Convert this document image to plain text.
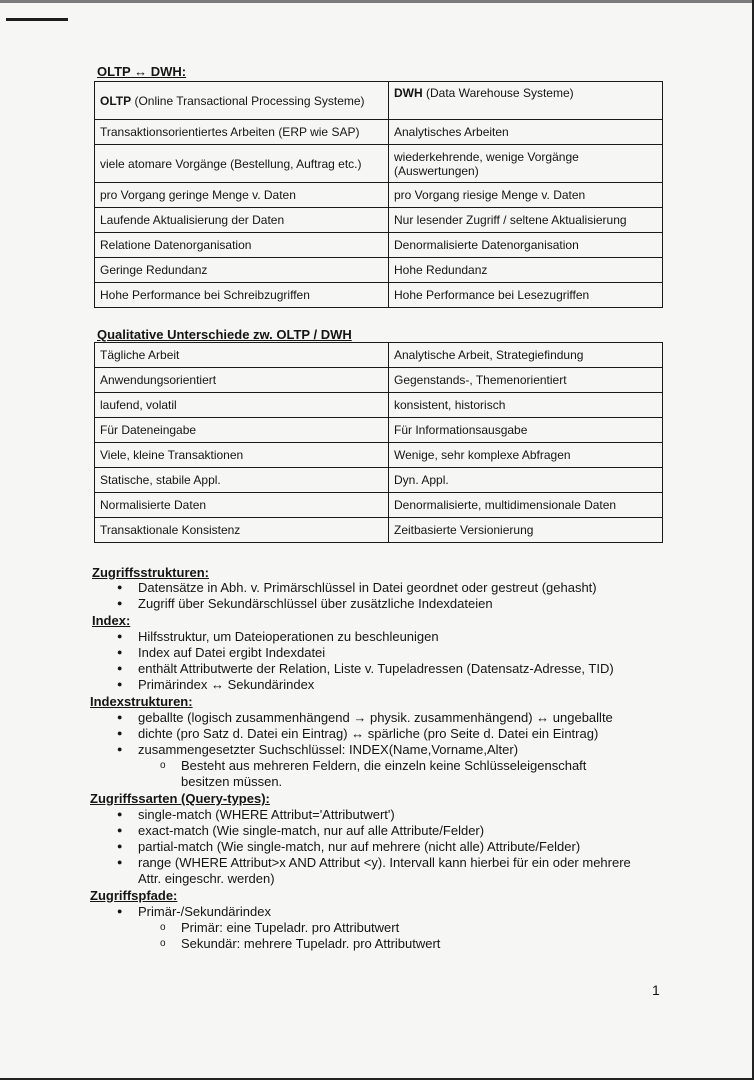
OLTP ↔ DWH:
OLTP (Online Transactional Processing Systeme)	DWH (Data Warehouse Systeme)
Transaktionsorientiertes Arbeiten (ERP wie SAP)	Analytisches Arbeiten
viele atomare Vorgänge (Bestellung, Auftrag etc.)	wiederkehrende, wenige Vorgänge (Auswertungen)
pro Vorgang geringe Menge v. Daten	pro Vorgang riesige Menge v. Daten
Laufende Aktualisierung der Daten	Nur lesender Zugriff / seltene Aktualisierung
Relatione Datenorganisation	Denormalisierte Datenorganisation
Geringe Redundanz	Hohe Redundanz
Hohe Performance bei Schreibzugriffen	Hohe Performance bei Lesezugriffen
Qualitative Unterschiede zw. OLTP / DWH
Tägliche Arbeit	Analytische Arbeit, Strategiefindung
Anwendungsorientiert	Gegenstands-, Themenorientiert
laufend, volatil	konsistent, historisch
Für Dateneingabe	Für Informationsausgabe
Viele, kleine Transaktionen	Wenige, sehr komplexe Abfragen
Statische, stabile Appl.	Dyn. Appl.
Normalisierte Daten	Denormalisierte, multidimensionale Daten
Transaktionale Konsistenz	Zeitbasierte Versionierung
Zugriffsstrukturen:
● Datensätze in Abh. v. Primärschlüssel in Datei geordnet oder gestreut (gehasht)
● Zugriff über Sekundärschlüssel über zusätzliche Indexdateien
Index:
● Hilfsstruktur, um Dateioperationen zu beschleunigen
● Index auf Datei ergibt Indexdatei
● enthält Attributwerte der Relation, Liste v. Tupeladressen (Datensatz-Adresse, TID)
● Primärindex ↔ Sekundärindex
Indexstrukturen:
● geballte (logisch zusammenhängend → physik. zusammenhängend) ↔ ungeballte
● dichte (pro Satz d. Datei ein Eintrag) ↔ spärliche (pro Seite d. Datei ein Eintrag)
● zusammengesetzter Suchschlüssel: INDEX(Name,Vorname,Alter)
o Besteht aus mehreren Feldern, die einzeln keine Schlüsseleigenschaft besitzen müssen.
Zugriffssarten (Query-types):
● single-match (WHERE Attribut='Attributwert')
● exact-match (Wie single-match, nur auf alle Attribute/Felder)
● partial-match (Wie single-match, nur auf mehrere (nicht alle) Attribute/Felder)
● range (WHERE Attribut>x AND Attribut <y). Intervall kann hierbei für ein oder mehrere Attr. eingeschr. werden)
Zugriffspfade:
● Primär-/Sekundärindex
o Primär: eine Tupeladr. pro Attributwert
o Sekundär: mehrere Tupeladr. pro Attributwert
1
